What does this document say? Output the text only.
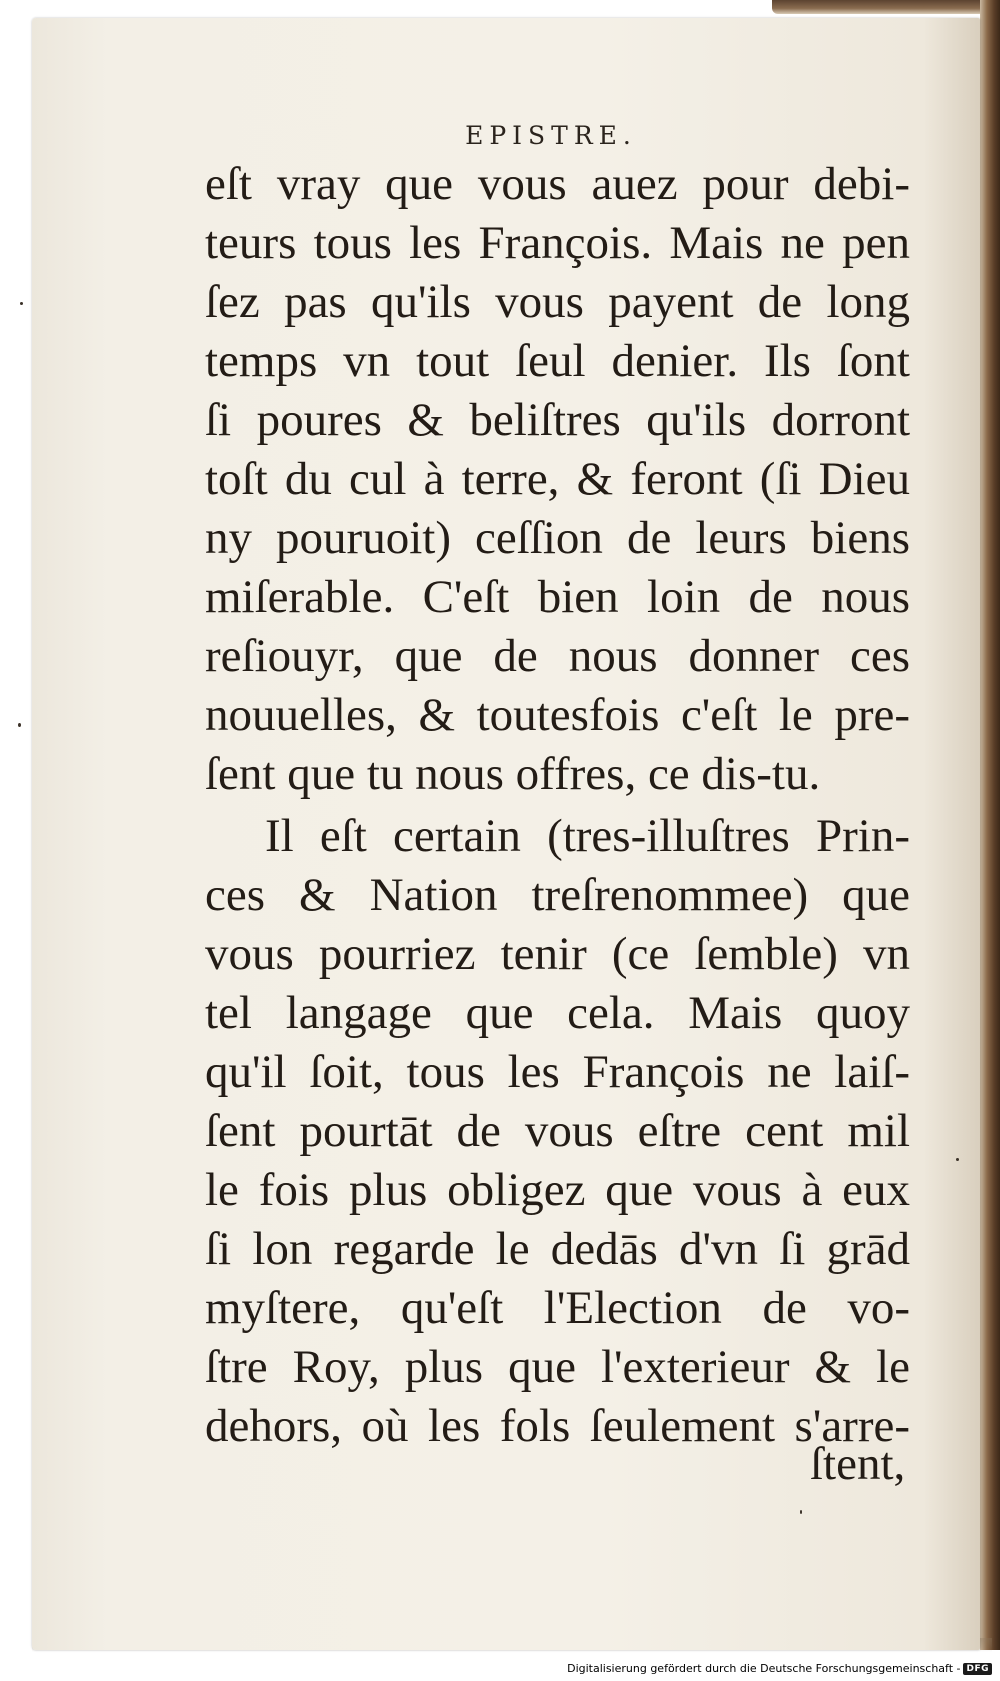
EPISTRE.
eſt vray que vous auez pour debi-
teurs tous les François. Mais ne pen
ſez pas qu'ils vous payent de long
temps vn tout ſeul denier. Ils ſont
ſi poures & beliſtres qu'ils dorront
toſt du cul à terre, & feront (ſi Dieu
ny pouruoit) ceſſion de leurs biens
miſerable. C'eſt bien loin de nous
reſiouyr, que de nous donner ces
nouuelles, & toutesfois c'eſt le pre-
ſent que tu nous offres, ce dis-tu.
Il eſt certain (tres-illuſtres Prin-
ces & Nation treſrenommee) que
vous pourriez tenir (ce ſemble) vn
tel langage que cela. Mais quoy
qu'il ſoit, tous les François ne laiſ-
ſent pourtāt de vous eſtre cent mil
le fois plus obligez que vous à eux
ſi lon regarde le dedās d'vn ſi grād
myſtere, qu'eſt l'Election de vo-
ſtre Roy, plus que l'exterieur & le
dehors, où les fols ſeulement s'arre-
ſtent,
Digitalisierung gefördert durch die Deutsche Forschungsgemeinschaft - DFG
